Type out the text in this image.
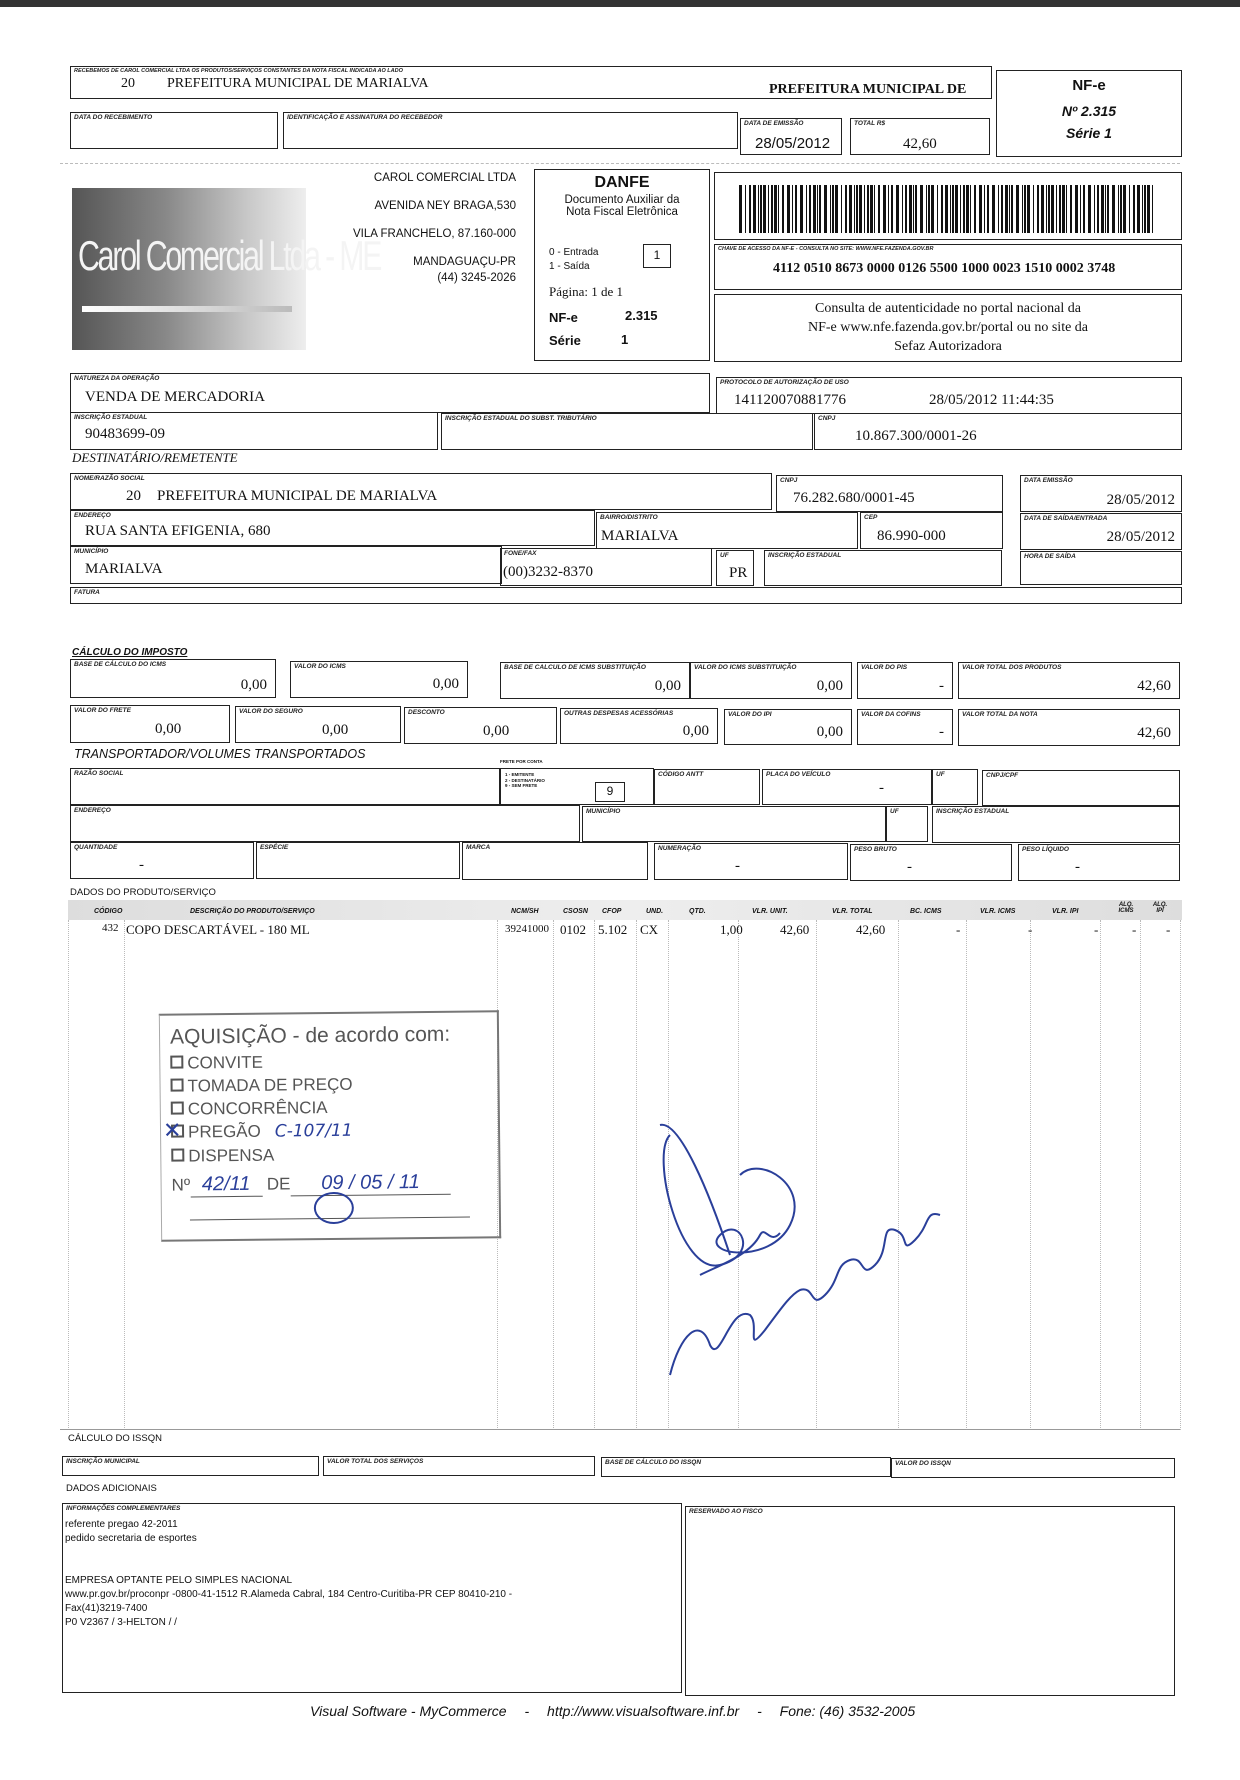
RECEBEMOS DE CAROL COMERCIAL LTDA OS PRODUTOS/SERVIÇOS CONSTANTES DA NOTA FISCAL INDICADA AO LADO
20 PREFEITURA MUNICIPAL DE MARIALVA	PREFEITURA MUNICIPAL DE
DATA DO RECEBIMENTO	IDENTIFICAÇÃO E ASSINATURA DO RECEBEDOR
DATA DE EMISSÃO
28/05/2012
TOTAL R$
42,60
NF-e
Nº 2.315
Série 1
Carol Comercial Ltda - ME
CAROL COMERCIAL LTDA
AVENIDA NEY BRAGA,530
VILA FRANCHELO, 87.160-000
MANDAGUAÇU-PR
(44) 3245-2026
DANFE
Documento Auxiliar da
Nota Fiscal Eletrônica
0 - Entrada
1 - Saída
1
Página: 1 de 1
NF-e	2.315
Série	1
CHAVE DE ACESSO DA NF-E - CONSULTA NO SITE: WWW.NFE.FAZENDA.GOV.BR
4112 0510 8673 0000 0126 5500 1000 0023 1510 0002 3748
Consulta de autenticidade no portal nacional da
NF-e www.nfe.fazenda.gov.br/portal ou no site da
Sefaz Autorizadora
NATUREZA DA OPERAÇÃO
VENDA DE MERCADORIA
PROTOCOLO DE AUTORIZAÇÃO DE USO
141120070881776	28/05/2012 11:44:35
INSCRIÇÃO ESTADUAL
90483699-09
INSCRIÇÃO ESTADUAL DO SUBST. TRIBUTÁRIO	CNPJ
10.867.300/0001-26
DESTINATÁRIO/REMETENTE
NOME/RAZÃO SOCIAL
20 PREFEITURA MUNICIPAL DE MARIALVA
CNPJ
76.282.680/0001-45
DATA EMISSÃO
28/05/2012
ENDEREÇO
RUA SANTA EFIGENIA, 680
BAIRRO/DISTRITO
MARIALVA
CEP
86.990-000
DATA DE SAÍDA/ENTRADA
28/05/2012
MUNICÍPIO
MARIALVA
FONE/FAX
(00)3232-8370
UF
PR
INSCRIÇÃO ESTADUAL	HORA DE SAÍDA
FATURA
CÁLCULO DO IMPOSTO
BASE DE CÁLCULO DO ICMS
0,00
VALOR DO ICMS
0,00
BASE DE CALCULO DE ICMS SUBSTITUIÇÃO
0,00
VALOR DO ICMS SUBSTITUIÇÃO
0,00
VALOR DO PIS
-
VALOR TOTAL DOS PRODUTOS
42,60
VALOR DO FRETE
0,00
VALOR DO SEGURO
0,00
DESCONTO
0,00
OUTRAS DESPESAS ACESSÓRIAS
0,00
VALOR DO IPI
0,00
VALOR DA COFINS
-
VALOR TOTAL DA NOTA
42,60
TRANSPORTADOR/VOLUMES TRANSPORTADOS
FRETE POR CONTA
RAZÃO SOCIAL	1 - EMITENTE
2 - DESTINATÁRIO
9 - SEM FRETE	9
CÓDIGO ANTT	PLACA DO VEÍCULO
-
UF	CNPJ/CPF
ENDEREÇO	MUNICÍPIO	UF	INSCRIÇÃO ESTADUAL
QUANTIDADE
-
ESPÉCIE	MARCA	NUMERAÇÃO
-
PESO BRUTO
-
PESO LÍQUIDO
-
DADOS DO PRODUTO/SERVIÇO
CÓDIGO	DESCRIÇÃO DO PRODUTO/SERVIÇO	NCM/SH	CSOSN CFOP	UND.	QTD.	VLR. UNIT.	VLR. TOTAL	BC. ICMS	VLR. ICMS	VLR. IPI
ALQ. ICMS
ALQ. IPI
432 COPO DESCARTÁVEL - 180 ML	39241000 0102 5.102 CX	1,00	42,60	42,60	-	-	-	- -
AQUISIÇÃO - de acordo com:
CONVITE
TOMADA DE PREÇO
CONCORRÊNCIA
PREGÃO
✕	C-107/11
DISPENSA
Nº 42/11 DE 09 / 05 / 11
CÁLCULO DO ISSQN
INSCRIÇÃO MUNICIPAL	VALOR TOTAL DOS SERVIÇOS	BASE DE CÁLCULO DO ISSQN	VALOR DO ISSQN
DADOS ADICIONAIS
INFORMAÇÕES COMPLEMENTARES
referente pregao 42-2011
pedido secretaria de esportes
EMPRESA OPTANTE PELO SIMPLES NACIONAL
www.pr.gov.br/proconpr -0800-41-1512 R.Alameda Cabral, 184 Centro-Curitiba-PR CEP 80410-210 -
Fax(41)3219-7400
P0 V2367 / 3-HELTON / /
RESERVADO AO FISCO
Visual Software - MyCommerce - http://www.visualsoftware.inf.br - Fone: (46) 3532-2005
